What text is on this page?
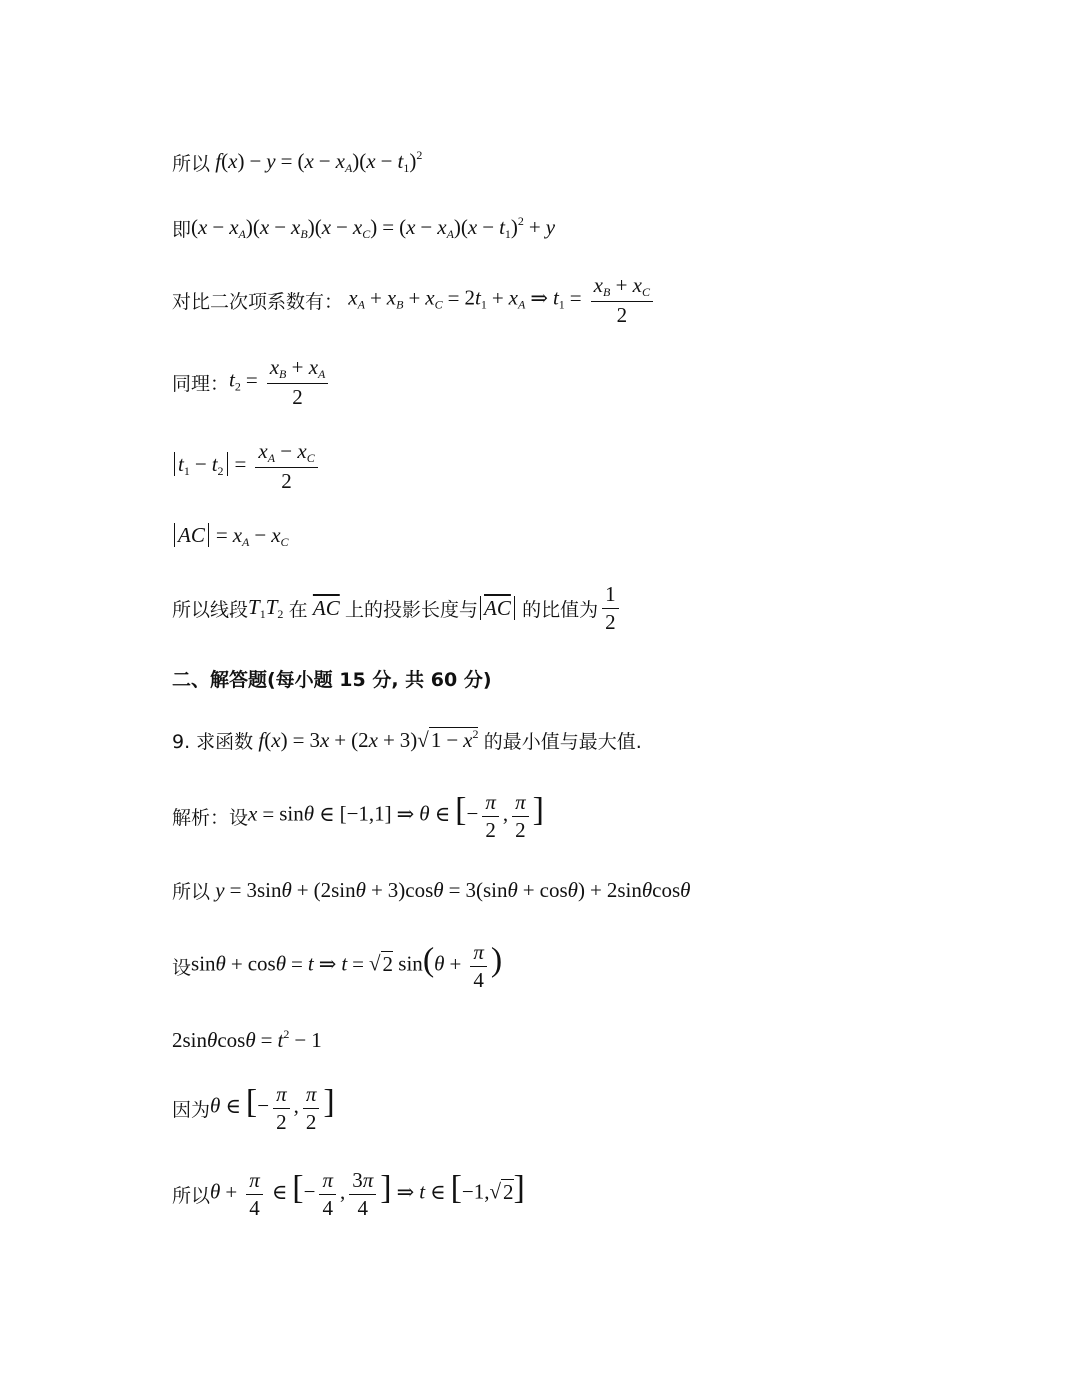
所以 $f(x) - y = (x - x_A)(x - t_1)^2$
即 $(x - x_A)(x - x_B)(x - x_C) = (x - x_A)(x - t_1)^2 + y$
对比二次项系数有： $x_A + x_B + x_C = 2t_1 + x_A$ ⇒ $t_1 = \frac{x_B + x_C}{2}$
同理： $t_2 = \frac{x_B + x_A}{2}$
$t_1 - t_2 = \frac{x_A - x_C}{2}$
AC = $x_A - x_C$
所以线段 $T_1T_2$ 在 $\overline{AC}$ 上的投影长度与 $\overline{AC}$ 的比值为 $\frac{1}{2}$
二、解答题(每小题 15 分, 共 60 分)
9. 求函数 $f(x) = 3x + (2x + 3)√1 - x^2$ 的最小值与最大值.
解析：设 x = sinθ ∈ [−1,1] ⇒ θ ∈ [− $\frac{\pi}{2}$ , $\frac{\pi}{2}$ ]
所以 y = 3sinθ + (2sinθ + 3)cosθ = 3(sinθ + cosθ) + 2sinθcosθ
设 sinθ + cosθ = t ⇒ t = √2 $\sin(\theta + \frac{\pi}{4}$ )
$2\sin\theta\cos\theta = t^2 - 1$
因为 θ ∈ [− $\frac{\pi}{2}$ , $\frac{\pi}{2}$ ]
所以 $\theta + \frac{\pi}{4}$ ∈ [− $\frac{\pi}{4}$ , $\frac{3\pi}{4}$ ] ⇒ t ∈ [−1,√2]
